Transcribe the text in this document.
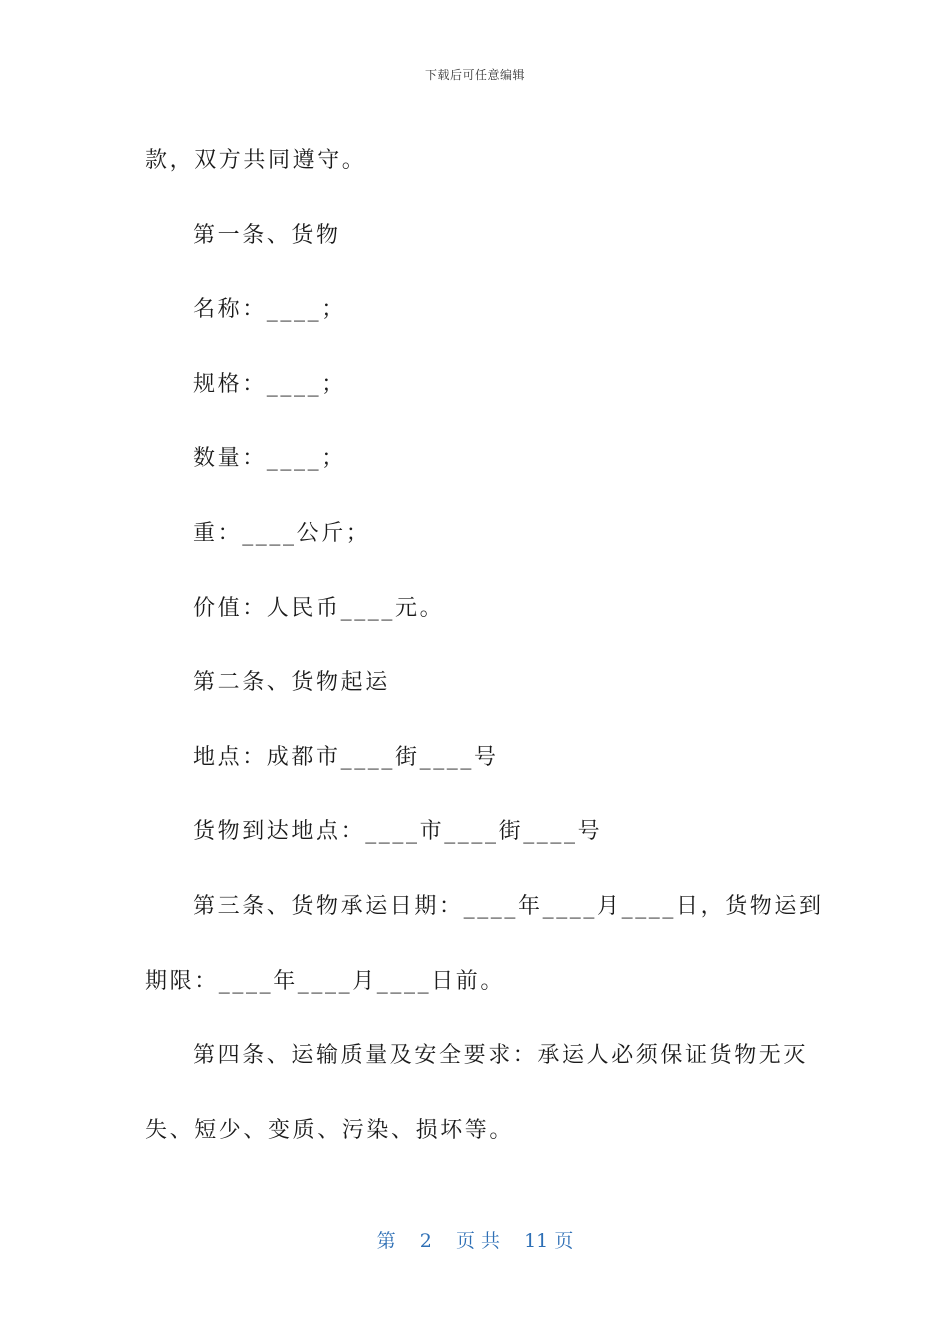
下载后可任意编辑
款，双方共同遵守。
第一条、货物
名称：____；
规格：____；
数量：____；
重：____公斤；
价值：人民币____元。
第二条、货物起运
地点：成都市____街____号
货物到达地点：____市____街____号
第三条、货物承运日期：____年____月____日，货物运到
期限：____年____月____日前。
第四条、运输质量及安全要求：承运人必须保证货物无灭
失、短少、变质、污染、损坏等。
第 2 页 共 11 页
